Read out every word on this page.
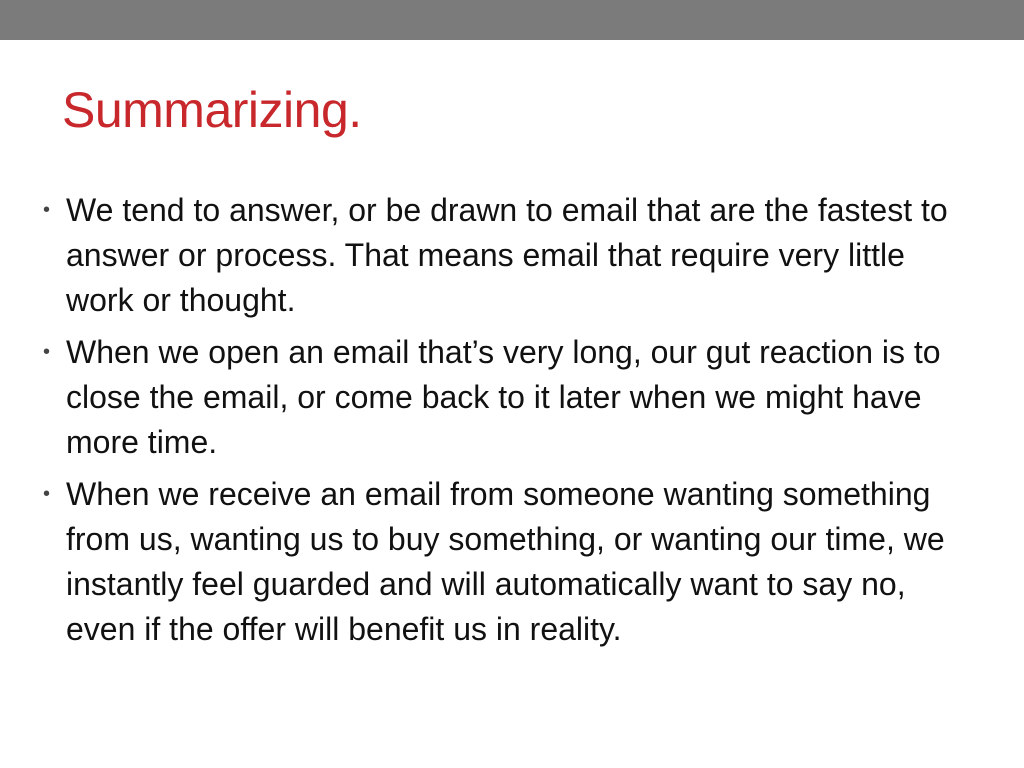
Summarizing.
• We tend to answer, or be drawn to email that are the fastest to answer or process. That means email that require very little work or thought.
• When we open an email that’s very long, our gut reaction is to close the email, or come back to it later when we might have more time.
• When we receive an email from someone wanting something from us, wanting us to buy something, or wanting our time, we instantly feel guarded and will automatically want to say no, even if the offer will benefit us in reality.
